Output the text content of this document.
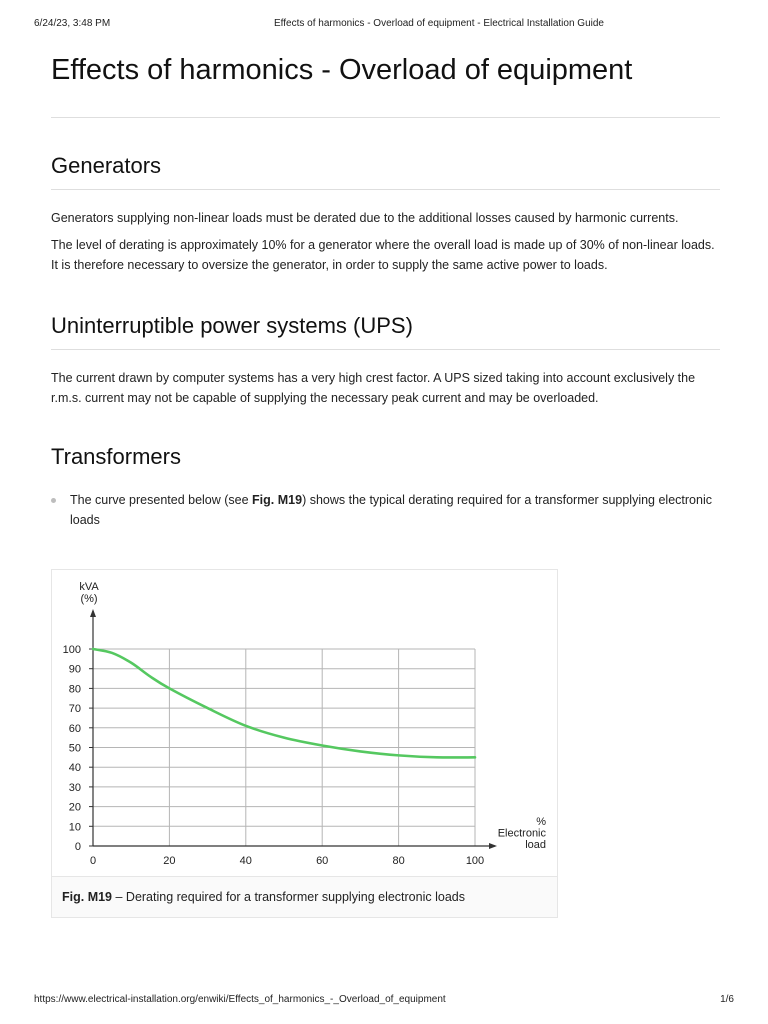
6/24/23, 3:48 PM	Effects of harmonics - Overload of equipment - Electrical Installation Guide
Effects of harmonics - Overload of equipment
Generators

Generators supplying non-linear loads must be derated due to the additional losses caused by harmonic currents.

The level of derating is approximately 10% for a generator where the overall load is made up of 30% of non-linear loads. It is therefore necessary to oversize the generator, in order to supply the same active power to loads.

Uninterruptible power systems (UPS)

The current drawn by computer systems has a very high crest factor. A UPS sized taking into account exclusively the r.m.s. current may not be capable of supplying the necessary peak current and may be overloaded.

Transformers
The curve presented below (see Fig. M19) shows the typical derating required for a transformer supplying electronic loads
0
10
20
30
40
50
60
70
80
90
100
0	20	40	60	80	100
kVA
(%)
%
Electronic
load
Fig. M19 – Derating required for a transformer supplying electronic loads
https://www.electrical-installation.org/enwiki/Effects_of_harmonics_-_Overload_of_equipment	1/6
